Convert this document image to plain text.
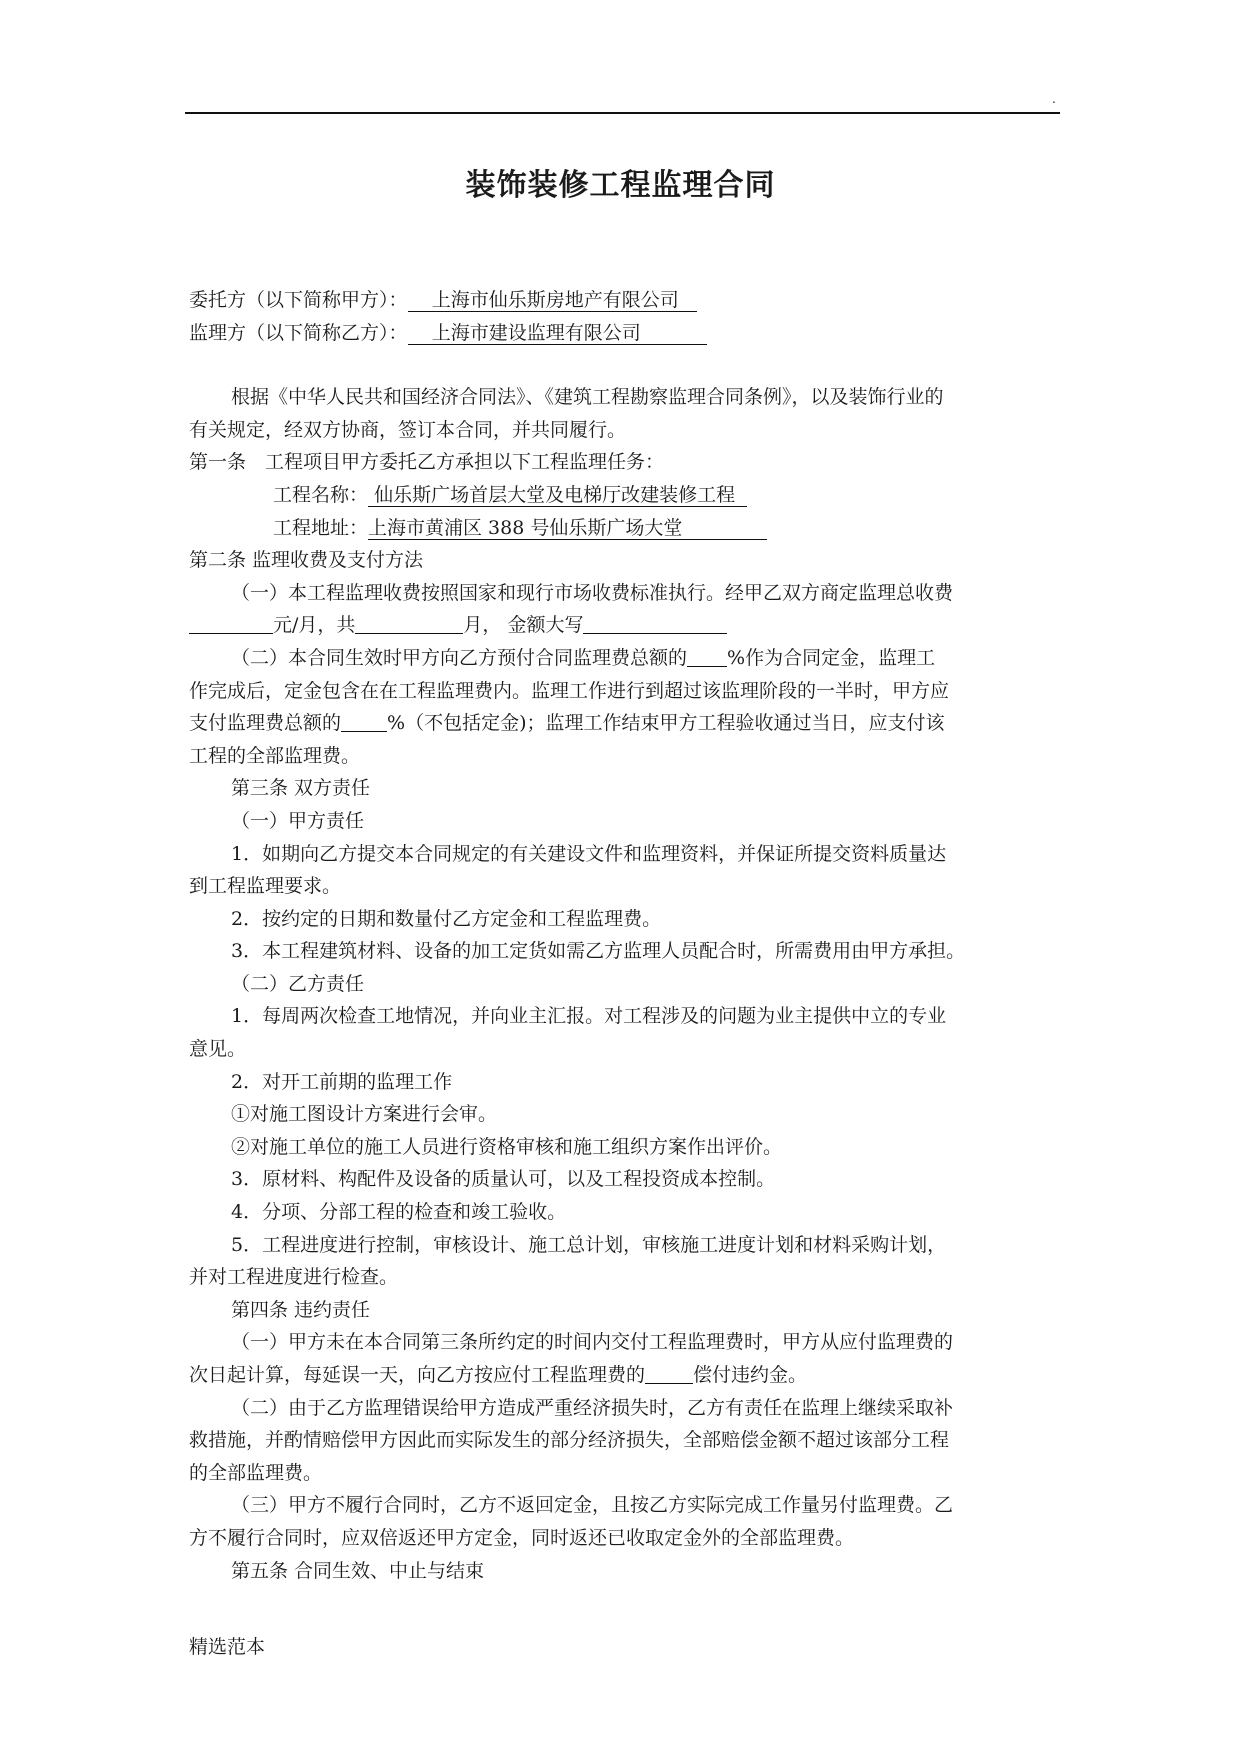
.
装饰装修工程监理合同
委托方（以下简称甲方）： 上海市仙乐斯房地产有限公司
监理方（以下简称乙方）： 上海市建设监理有限公司
根据《中华人民共和国经济合同法》、《建筑工程勘察监理合同条例》，以及装饰行业的
有关规定，经双方协商，签订本合同，并共同履行。
第一条　工程项目甲方委托乙方承担以下工程监理任务：
工程名称： 仙乐斯广场首层大堂及电梯厅改建装修工程
工程地址：上海市黄浦区 388 号仙乐斯广场大堂
第二条 监理收费及支付方法
（一）本工程监理收费按照国家和现行市场收费标准执行。经甲乙双方商定监理总收费
元/月，共	月， 金额大写
（二）本合同生效时甲方向乙方预付合同监理费总额的 %作为合同定金，监理工
作完成后，定金包含在在工程监理费内。监理工作进行到超过该监理阶段的一半时，甲方应
支付监理费总额的 %（不包括定金)；监理工作结束甲方工程验收通过当日，应支付该
工程的全部监理费。
第三条 双方责任
（一）甲方责任
1．如期向乙方提交本合同规定的有关建设文件和监理资料，并保证所提交资料质量达
到工程监理要求。
2．按约定的日期和数量付乙方定金和工程监理费。
3．本工程建筑材料、设备的加工定货如需乙方监理人员配合时，所需费用由甲方承担。
（二）乙方责任
1．每周两次检查工地情况，并向业主汇报。对工程涉及的问题为业主提供中立的专业
意见。
2．对开工前期的监理工作
①对施工图设计方案进行会审。
②对施工单位的施工人员进行资格审核和施工组织方案作出评价。
3．原材料、构配件及设备的质量认可，以及工程投资成本控制。
4．分项、分部工程的检查和竣工验收。
5．工程进度进行控制，审核设计、施工总计划，审核施工进度计划和材料采购计划，
并对工程进度进行检查。
第四条 违约责任
（一）甲方未在本合同第三条所约定的时间内交付工程监理费时，甲方从应付监理费的
次日起计算，每延误一天，向乙方按应付工程监理费的	偿付违约金。
（二）由于乙方监理错误给甲方造成严重经济损失时，乙方有责任在监理上继续采取补
救措施，并酌情赔偿甲方因此而实际发生的部分经济损失，全部赔偿金额不超过该部分工程
的全部监理费。
（三）甲方不履行合同时，乙方不返回定金，且按乙方实际完成工作量另付监理费。乙
方不履行合同时，应双倍返还甲方定金，同时返还已收取定金外的全部监理费。
第五条 合同生效、中止与结束
精选范本
